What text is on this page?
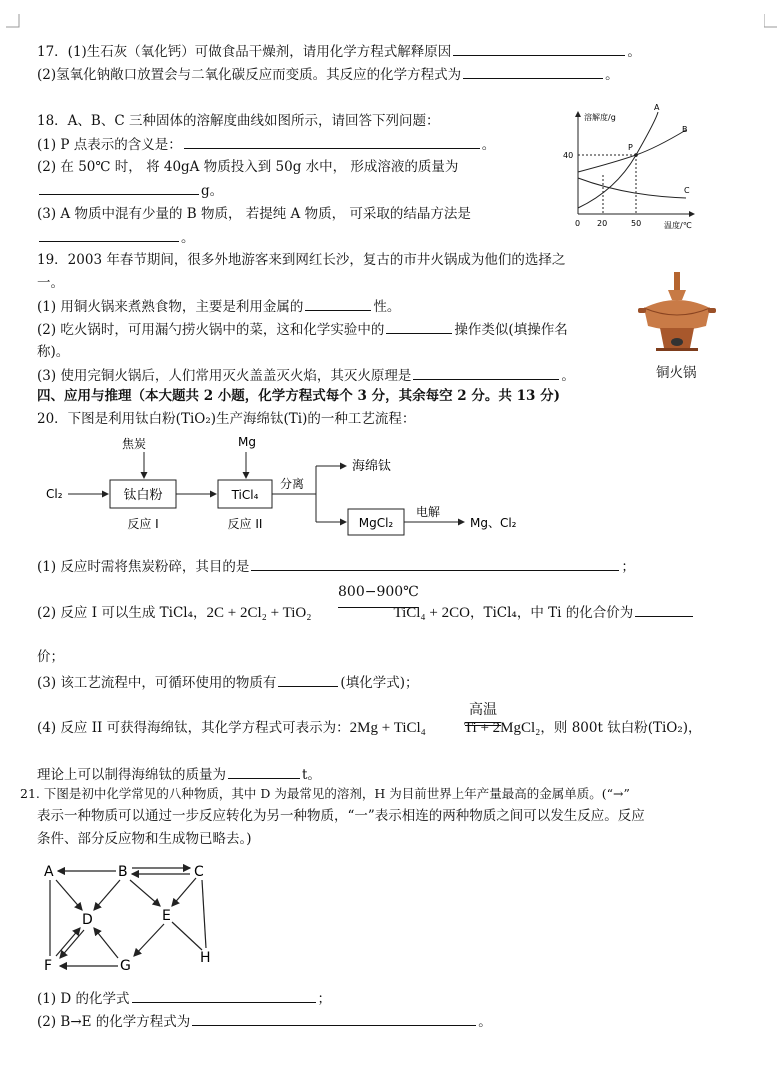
17．(1)生石灰（氧化钙）可做食品干燥剂，请用化学方程式解释原因	。
(2)氢氧化钠敞口放置会与二氧化碳反应而变质。其反应的化学方程式为	。
18．A、B、C 三种固体的溶解度曲线如图所示，请回答下列问题：
(1) P 点表示的含义是：	。
(2) 在 50℃ 时， 将 40gA 物质投入到 50g 水中， 形成溶液的质量为
g。
(3) A 物质中混有少量的 B 物质， 若提纯 A 物质， 可采取的结晶方法是
。
溶解度/g
温度/℃
0 20	50
40
P
A
B
C
19．2003 年春节期间，很多外地游客来到网红长沙，复古的市井火锅成为他们的选择之
一。
(1) 用铜火锅来煮熟食物，主要是利用金属的	性。
(2) 吃火锅时，可用漏勺捞火锅中的菜，这和化学实验中的	操作类似(填操作名
称)。
(3) 使用完铜火锅后，人们常用灭火盖盖灭火焰，其灭火原理是	。	铜火锅
四、应用与推理（本大题共 2 小题，化学方程式每个 3 分，其余每空 2 分。共 13 分)
20．下图是利用钛白粉(TiO₂)生产海绵钛(Ti)的一种工艺流程：
Cl₂
焦炭
钛白粉
反应 I
Mg
TiCl₄
反应 II
分离
海绵钛
MgCl₂
电解
Mg、Cl₂
(1) 反应时需将焦炭粉碎，其目的是	；
(2) 反应 I 可以生成 TiCl₄，2C + 2Cl₂ + TiO₂	TiCl₄ + 2CO，TiCl₄，中 Ti 的化合价为
800−900℃
价；
(3) 该工艺流程中，可循环使用的物质有	(填化学式)；
(4) 反应 II 可获得海绵钛，其化学方程式可表示为：2Mg + TiCl₄	Ti + 2MgCl₂，则 800t 钛白粉(TiO₂)，
高温
理论上可以制得海绵钛的质量为	t。
21. 下图是初中化学常见的八种物质，其中 D 为最常见的溶剂，H 为目前世界上年产量最高的金属单质。(“→”
表示一种物质可以通过一步反应转化为另一种物质，“一”表示相连的两种物质之间可以发生反应。反应
条件、部分反应物和生成物已略去。)
A	B	C
D	E
F	G	H
(1) D 的化学式	；
(2) B→E 的化学方程式为	。
